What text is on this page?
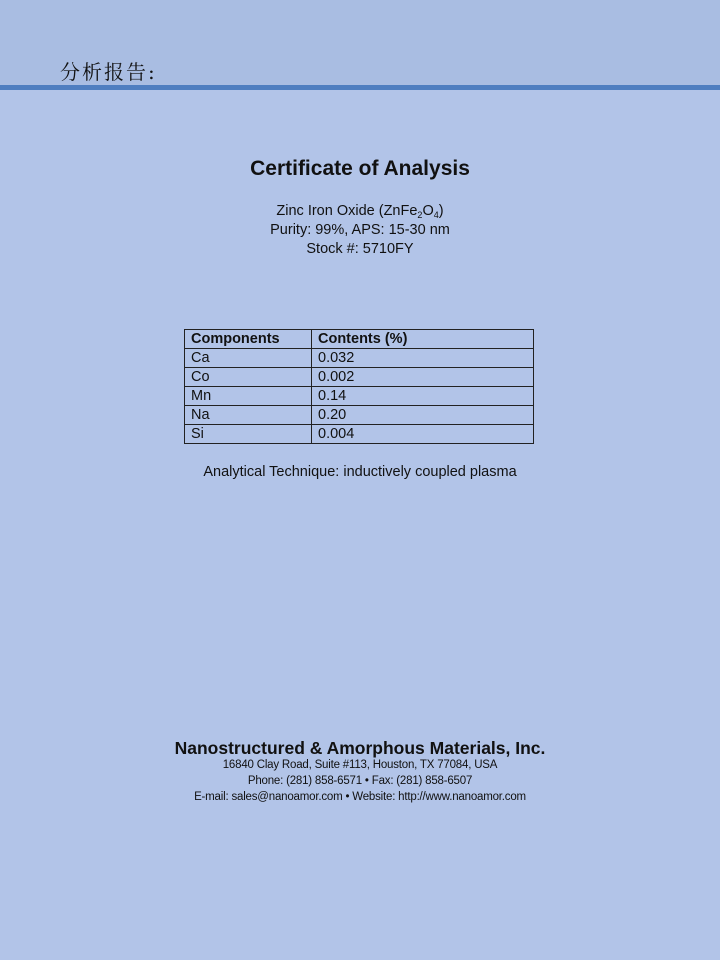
分析报告:
Certificate of Analysis
Zinc Iron Oxide $(ZnFe_2O_4)$
Purity: 99%, APS: 15-30 nm
Stock #: 5710FY
Components	Contents (%)
Ca	0.032
Co	0.002
Mn	0.14
Na	0.20
Si	0.004
Analytical Technique: inductively coupled plasma
Nanostructured & Amorphous Materials, Inc.
16840 Clay Road, Suite #113, Houston, TX 77084, USA
Phone: (281) 858-6571 • Fax: (281) 858-6507
E-mail: sales@nanoamor.com • Website: http://www.nanoamor.com
